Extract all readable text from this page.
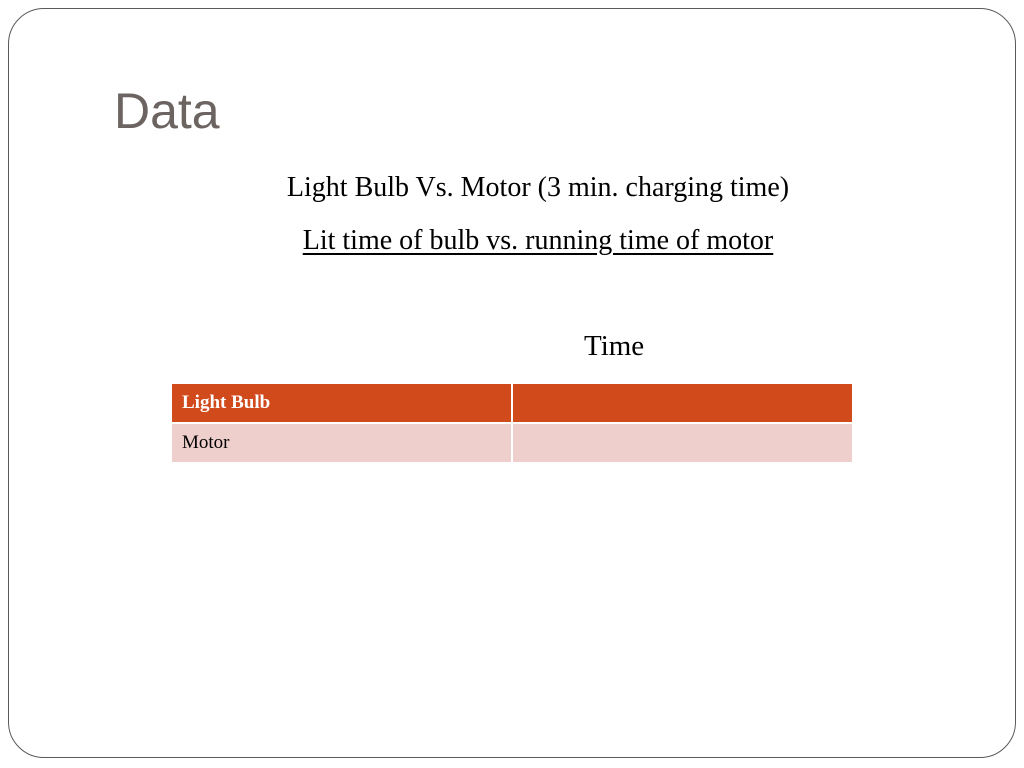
Data
Light Bulb Vs. Motor (3 min. charging time)
Lit time of bulb vs. running time of motor
Time
Light Bulb	
Motor	
